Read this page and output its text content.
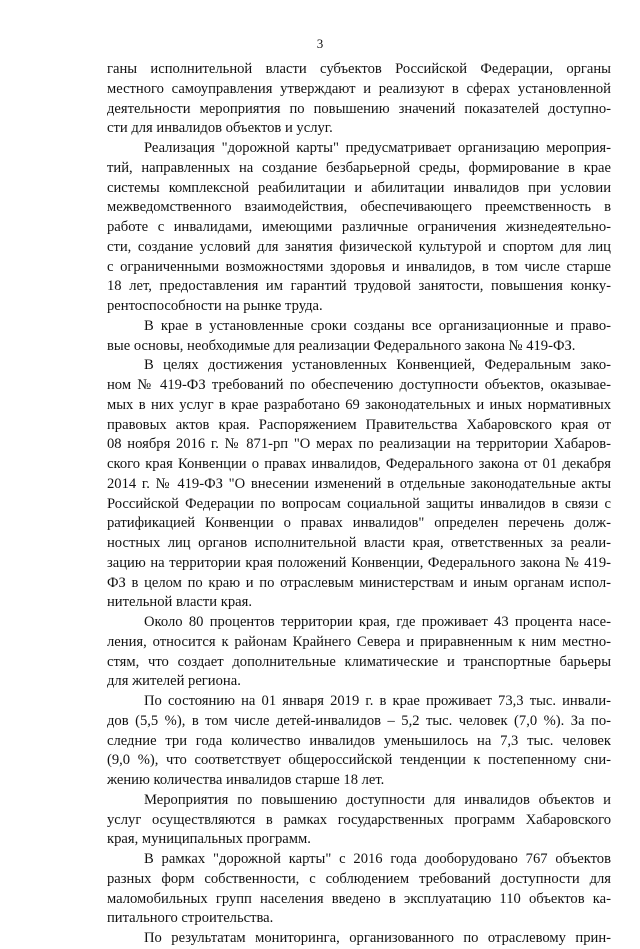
3
ганы исполнительной власти субъектов Российской Федерации, органы
местного самоуправления утверждают и реализуют в сферах установленной
деятельности мероприятия по повышению значений показателей доступно-
сти для инвалидов объектов и услуг.
Реализация "дорожной карты" предусматривает организацию мероприя-
тий, направленных на создание безбарьерной среды, формирование в крае
системы комплексной реабилитации и абилитации инвалидов при условии
межведомственного взаимодействия, обеспечивающего преемственность в
работе с инвалидами, имеющими различные ограничения жизнедеятельно-
сти, создание условий для занятия физической культурой и спортом для лиц
с ограниченными возможностями здоровья и инвалидов, в том числе старше
18 лет, предоставления им гарантий трудовой занятости, повышения конку-
рентоспособности на рынке труда.
В крае в установленные сроки созданы все организационные и право-
вые основы, необходимые для реализации Федерального закона № 419-ФЗ.
В целях достижения установленных Конвенцией, Федеральным зако-
ном № 419-ФЗ требований по обеспечению доступности объектов, оказывае-
мых в них услуг в крае разработано 69 законодательных и иных нормативных
правовых актов края. Распоряжением Правительства Хабаровского края от
08 ноября 2016 г. № 871-рп "О мерах по реализации на территории Хабаров-
ского края Конвенции о правах инвалидов, Федерального закона от 01 декабря
2014 г. № 419-ФЗ "О внесении изменений в отдельные законодательные акты
Российской Федерации по вопросам социальной защиты инвалидов в связи с
ратификацией Конвенции о правах инвалидов" определен перечень долж-
ностных лиц органов исполнительной власти края, ответственных за реали-
зацию на территории края положений Конвенции, Федерального закона № 419-
ФЗ в целом по краю и по отраслевым министерствам и иным органам испол-
нительной власти края.
Около 80 процентов территории края, где проживает 43 процента насе-
ления, относится к районам Крайнего Севера и приравненным к ним местно-
стям, что создает дополнительные климатические и транспортные барьеры
для жителей региона.
По состоянию на 01 января 2019 г. в крае проживает 73,3 тыс. инвали-
дов (5,5 %), в том числе детей-инвалидов – 5,2 тыс. человек (7,0 %). За по-
следние три года количество инвалидов уменьшилось на 7,3 тыс. человек
(9,0 %), что соответствует общероссийской тенденции к постепенному сни-
жению количества инвалидов старше 18 лет.
Мероприятия по повышению доступности для инвалидов объектов и
услуг осуществляются в рамках государственных программ Хабаровского
края, муниципальных программ.
В рамках "дорожной карты" с 2016 года дооборудовано 767 объектов
разных форм собственности, с соблюдением требований доступности для
маломобильных групп населения введено в эксплуатацию 110 объектов ка-
питального строительства.
По результатам мониторинга, организованного по отраслевому прин-
